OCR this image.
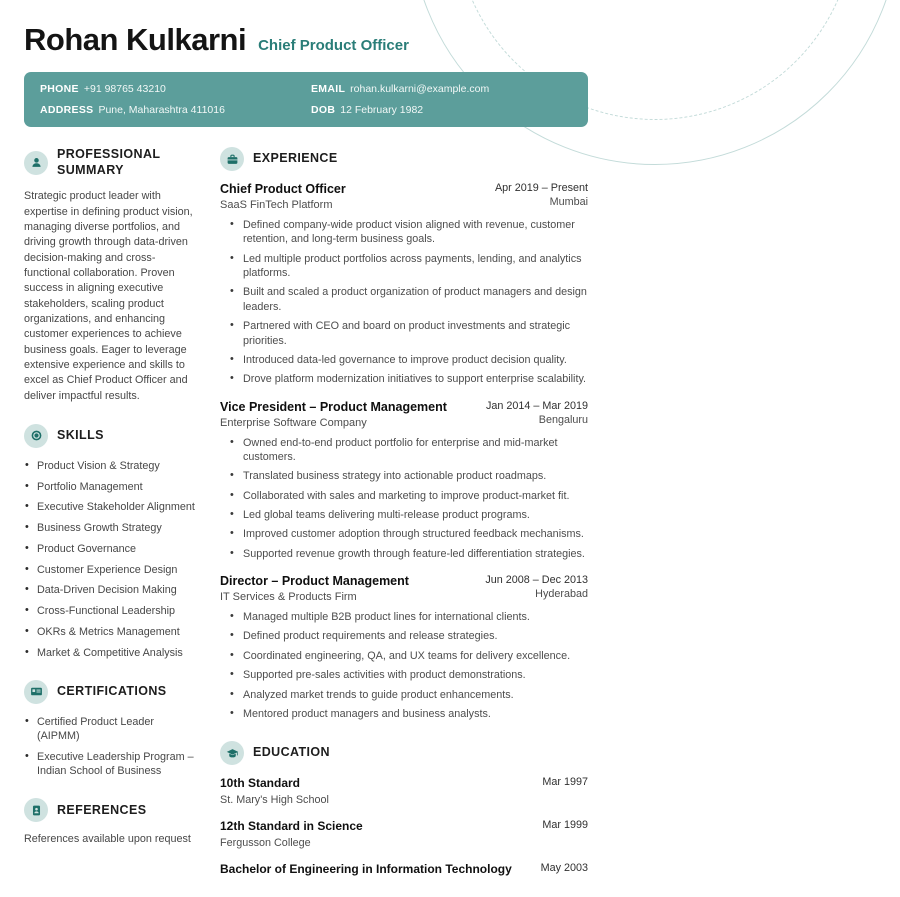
Rohan Kulkarni Chief Product Officer
PHONE +91 98765 43210	EMAIL rohan.kulkarni@example.com
ADDRESS Pune, Maharashtra 411016	DOB 12 February 1982
PROFESSIONAL SUMMARY

Strategic product leader with expertise in defining product vision, managing diverse portfolios, and driving growth through data-driven decision-making and cross-functional collaboration. Proven success in aligning executive stakeholders, scaling product organizations, and enhancing customer experiences to achieve business goals. Eager to leverage extensive experience and skills to excel as Chief Product Officer and deliver impactful results.

SKILLS
• Product Vision & Strategy
• Portfolio Management
• Executive Stakeholder Alignment
• Business Growth Strategy
• Product Governance
• Customer Experience Design
• Data-Driven Decision Making
• Cross-Functional Leadership
• OKRs & Metrics Management
• Market & Competitive Analysis
CERTIFICATIONS
• Certified Product Leader (AIPMM)
• Executive Leadership Program – Indian School of Business
REFERENCES

References available upon request

EXPERIENCE
Chief Product Officer
SaaS FinTech Platform
Apr 2019 – Present
Mumbai
• Defined company-wide product vision aligned with revenue, customer retention, and long-term business goals.
• Led multiple product portfolios across payments, lending, and analytics platforms.
• Built and scaled a product organization of product managers and design leaders.
• Partnered with CEO and board on product investments and strategic priorities.
• Introduced data-led governance to improve product decision quality.
• Drove platform modernization initiatives to support enterprise scalability.
Vice President – Product Management
Enterprise Software Company
Jan 2014 – Mar 2019
Bengaluru
• Owned end-to-end product portfolio for enterprise and mid-market customers.
• Translated business strategy into actionable product roadmaps.
• Collaborated with sales and marketing to improve product-market fit.
• Led global teams delivering multi-release product programs.
• Improved customer adoption through structured feedback mechanisms.
• Supported revenue growth through feature-led differentiation strategies.
Director – Product Management
IT Services & Products Firm
Jun 2008 – Dec 2013
Hyderabad
• Managed multiple B2B product lines for international clients.
• Defined product requirements and release strategies.
• Coordinated engineering, QA, and UX teams for delivery excellence.
• Supported pre-sales activities with product demonstrations.
• Analyzed market trends to guide product enhancements.
• Mentored product managers and business analysts.
EDUCATION
10th Standard
St. Mary's High School
Mar 1997
12th Standard in Science
Fergusson College
Mar 1999
Bachelor of Engineering in Information Technology	May 2003
